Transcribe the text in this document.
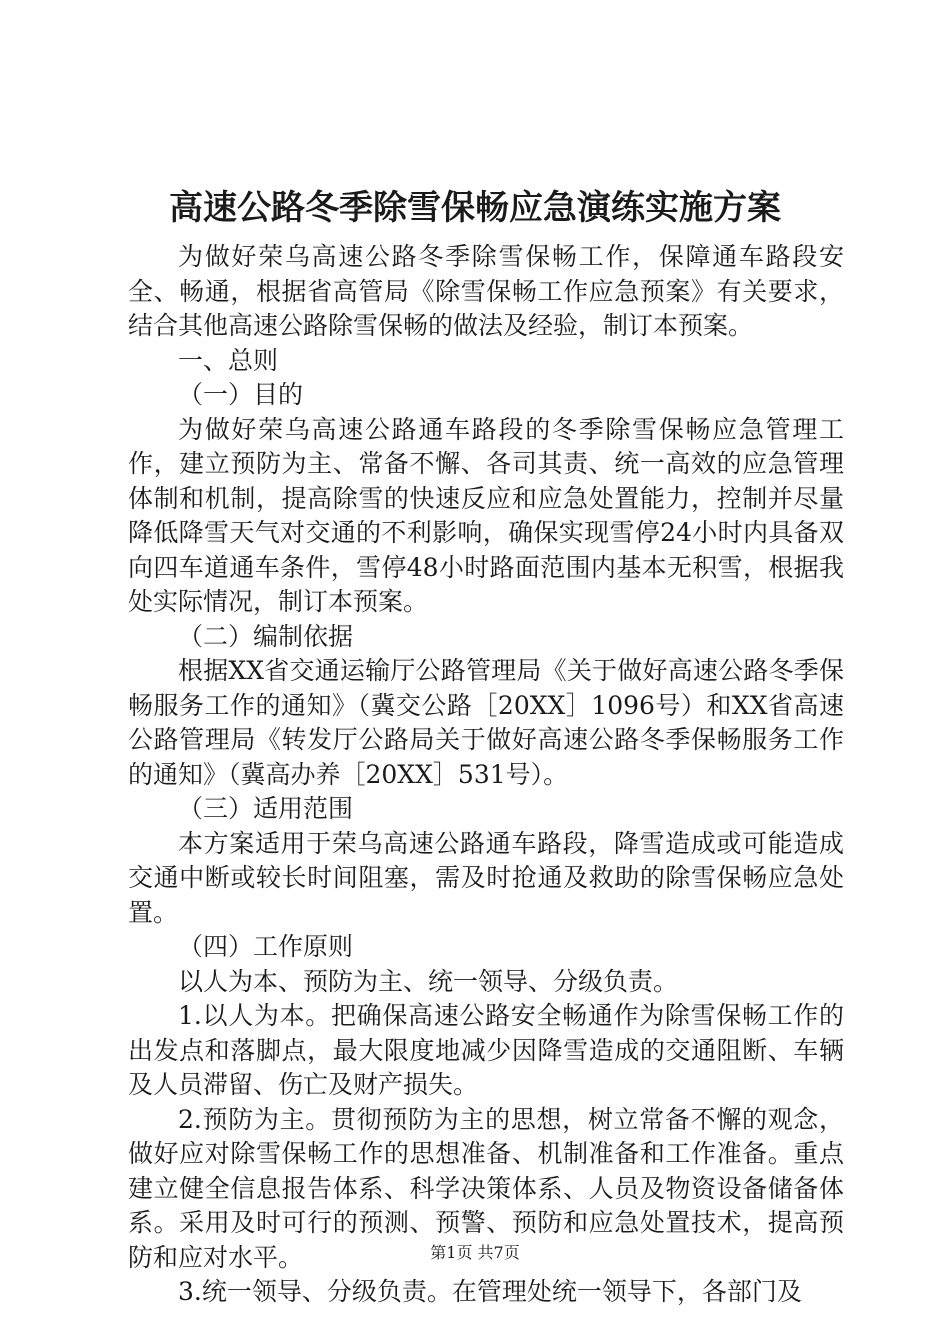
高速公路冬季除雪保畅应急演练实施方案

为做好荣乌高速公路冬季除雪保畅工作，保障通车路段安全、畅通，根据省高管局《除雪保畅工作应急预案》有关要求，结合其他高速公路除雪保畅的做法及经验，制订本预案。

一、总则

（一）目的

为做好荣乌高速公路通车路段的冬季除雪保畅应急管理工作，建立预防为主、常备不懈、各司其责、统一高效的应急管理体制和机制，提高除雪的快速反应和应急处置能力，控制并尽量降低降雪天气对交通的不利影响，确保实现雪停24小时内具备双向四车道通车条件，雪停48小时路面范围内基本无积雪，根据我处实际情况，制订本预案。

（二）编制依据

根据XX省交通运输厅公路管理局《关于做好高速公路冬季保畅服务工作的通知》（冀交公路［20XX］1096号）和XX省高速公路管理局《转发厅公路局关于做好高速公路冬季保畅服务工作的通知》（冀高办养［20XX］531号）。

（三）适用范围

本方案适用于荣乌高速公路通车路段，降雪造成或可能造成交通中断或较长时间阻塞，需及时抢通及救助的除雪保畅应急处置。

（四）工作原则

以人为本、预防为主、统一领导、分级负责。

1.以人为本。把确保高速公路安全畅通作为除雪保畅工作的出发点和落脚点，最大限度地减少因降雪造成的交通阻断、车辆及人员滞留、伤亡及财产损失。

2.预防为主。贯彻预防为主的思想，树立常备不懈的观念，做好应对除雪保畅工作的思想准备、机制准备和工作准备。重点建立健全信息报告体系、科学决策体系、人员及物资设备储备体系。采用及时可行的预测、预警、预防和应急处置技术，提高预防和应对水平。

3.统一领导、分级负责。在管理处统一领导下，各部门及

第1页 共7页
